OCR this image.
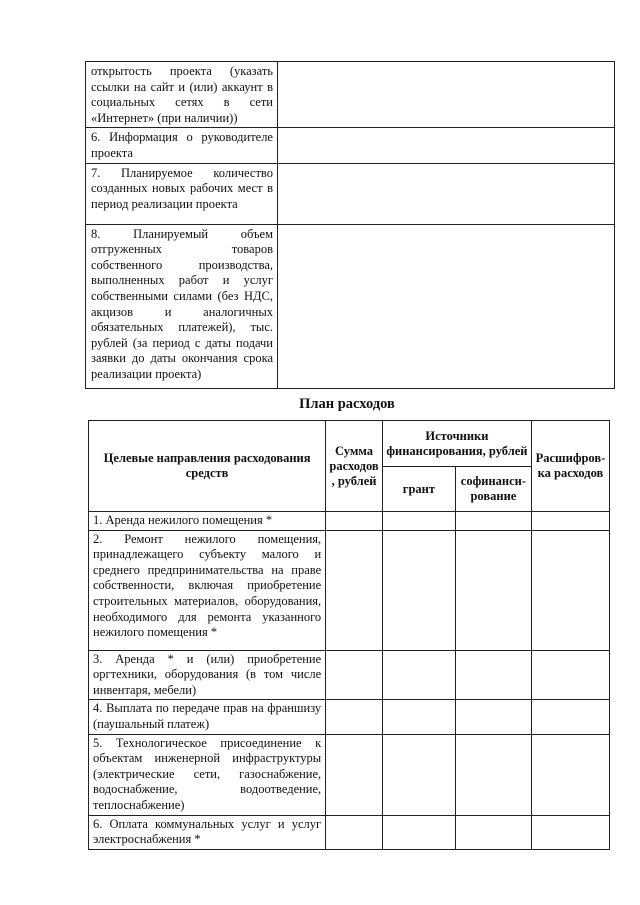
открытость проекта (указать ссылки на сайт и (или) аккаунт в социальных сетях в сети «Интернет» (при наличии))	
6. Информация о руководителе проекта	
7. Планируемое количество созданных новых рабочих мест в период реализации проекта	
8. Планируемый объем отгруженных товаров собственного производства, выполненных работ и услуг собственными силами (без НДС, акцизов и аналогичных обязательных платежей), тыс. рублей (за период с даты подачи заявки до даты окончания срока реализации проекта)	
План расходов
Целевые направления расходования средств	Сумма расходов , рублей	Источники финансирования, рублей		Расшифров-ка расходов
		грант	софинанси-рование	
1. Аренда нежилого помещения *				
2. Ремонт нежилого помещения, принадлежащего субъекту малого и среднего предпринимательства на праве собственности, включая приобретение строительных материалов, оборудования, необходимого для ремонта указанного нежилого помещения *				
3. Аренда * и (или) приобретение оргтехники, оборудования (в том числе инвентаря, мебели)				
4. Выплата по передаче прав на франшизу (паушальный платеж)				
5. Технологическое присоединение к объектам инженерной инфраструктуры (электрические сети, газоснабжение, водоснабжение, водоотведение, теплоснабжение)				
6. Оплата коммунальных услуг и услуг электроснабжения *				
